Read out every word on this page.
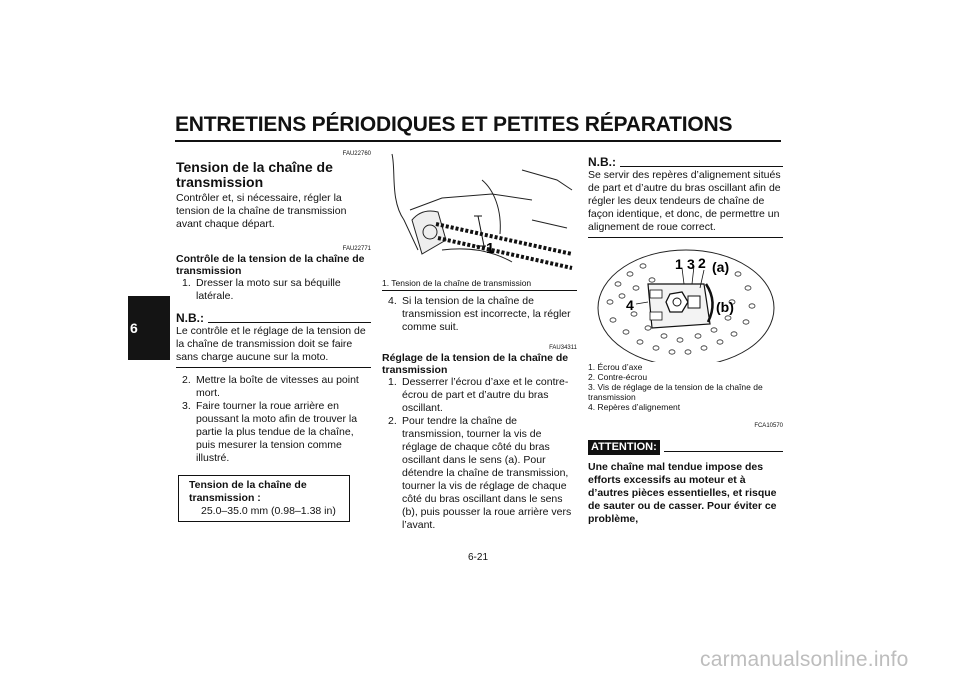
ENTRETIENS PÉRIODIQUES ET PETITES RÉPARATIONS
6

FAU22760

Tension de la chaîne de transmission

Contrôler et, si nécessaire, régler la tension de la chaîne de transmission avant chaque départ.

FAU22771

Contrôle de la tension de la chaîne de transmission
1. Dresser la moto sur sa béquille latérale.
N.B.:

Le contrôle et le réglage de la tension de la chaîne de transmission doit se faire sans charge aucune sur la moto.

2. Mettre la boîte de vitesses au point mort.
3. Faire tourner la roue arrière en poussant la moto afin de trouver la partie la plus tendue de la chaîne, puis mesurer la tension comme illustré.
Tension de la chaîne de transmission :
25.0–35.0 mm (0.98–1.38 in)
1

1. Tension de la chaîne de transmission

4. Si la tension de la chaîne de transmission est incorrecte, la régler comme suit.

FAU34311

Réglage de la tension de la chaîne de transmission
1. Desserrer l’écrou d’axe et le contre-écrou de part et d’autre du bras oscillant.
2. Pour tendre la chaîne de transmission, tourner la vis de réglage de chaque côté du bras oscillant dans le sens (a). Pour détendre la chaîne de transmission, tourner la vis de réglage de chaque côté du bras oscillant dans le sens (b), puis pousser la roue arrière vers l’avant.
N.B.:

Se servir des repères d’alignement situés de part et d’autre du bras oscillant afin de régler les deux tendeurs de chaîne de façon identique, et donc, de permettre un alignement de roue correct.

1 3 2 (a)
(b)
4
1. Écrou d’axe
2. Contre-écrou
3. Vis de réglage de la tension de la chaîne de transmission
4. Repères d’alignement

FCA10570

ATTENTION:

Une chaîne mal tendue impose des efforts excessifs au moteur et à d’autres pièces essentielles, et risque de sauter ou de casser. Pour éviter ce problème,

6-21
carmanualsonline.info
